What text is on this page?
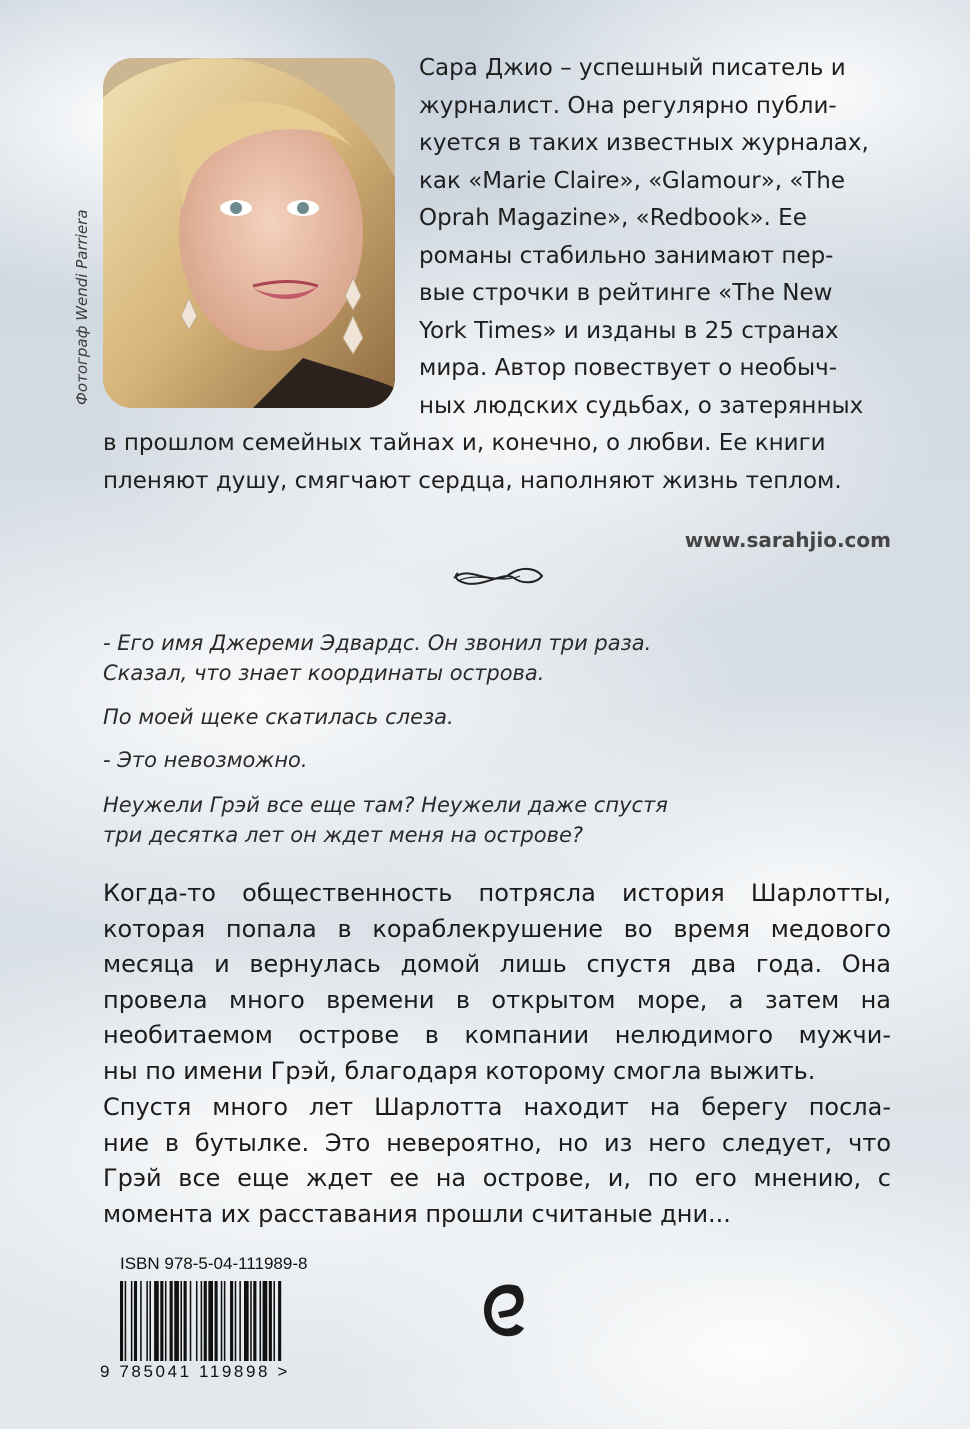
Фотограф Wendi Parriera
Сара Джио – успешный писатель и
журналист. Она регулярно публи-
куется в таких известных журналах,
как «Marie Claire», «Glamour», «The
Oprah Magazine», «Redbook». Ее
романы стабильно занимают пер-
вые строчки в рейтинге «The New
York Times» и изданы в 25 странах
мира. Автор повествует о необыч-
ных людских судьбах, о затерянных
в прошлом семейных тайнах и, конечно, о любви. Ее книги
пленяют душу, смягчают сердца, наполняют жизнь теплом.
www.sarahjio.com
- Его имя Джереми Эдвардс. Он звонил три раза.
Сказал, что знает координаты острова.
По моей щеке скатилась слеза.
- Это невозможно.
Неужели Грэй все еще там? Неужели даже спустя
три десятка лет он ждет меня на острове?
Когда-то общественность потрясла история Шарлотты,
которая попала в кораблекрушение во время медового
месяца и вернулась домой лишь спустя два года. Она
провела много времени в открытом море, а затем на
необитаемом острове в компании нелюдимого мужчи-
ны по имени Грэй, благодаря которому смогла выжить.
Спустя много лет Шарлотта находит на берегу посла-
ние в бутылке. Это невероятно, но из него следует, что
Грэй все еще ждет ее на острове, и, по его мнению, с
момента их расставания прошли считаные дни...
ISBN 978-5-04-111989-8
9 785041 119898 >
